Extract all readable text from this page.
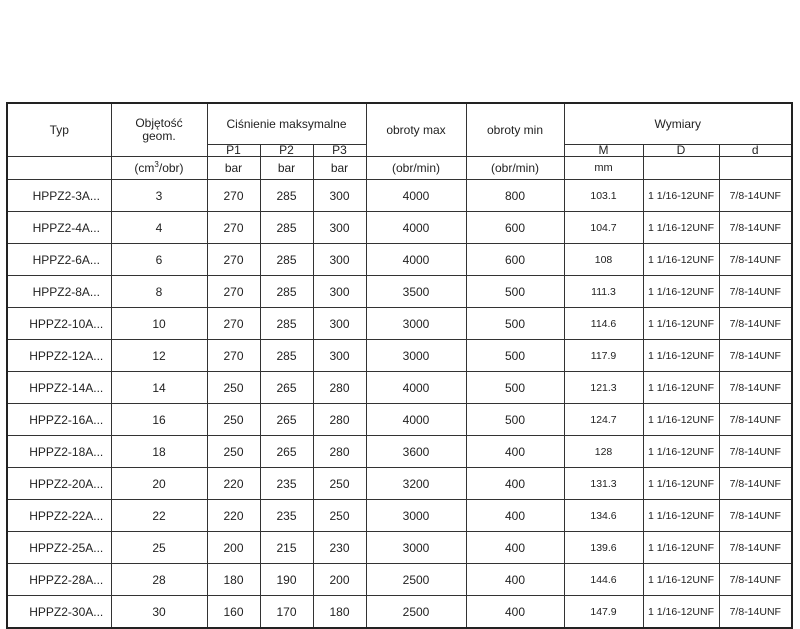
Typ	Objętość geom.	Ciśnienie maksymalne			obroty max	obroty min	Wymiary		
		P1	P2	P3			M	D	d
	$(cm^3/obr)$	bar	bar	bar	(obr/min)	(obr/min)	mm		
HPPZ2-3A...	3	270	285	300	4000	800	103.1	1 1/16-12UNF	7/8-14UNF
HPPZ2-4A...	4	270	285	300	4000	600	104.7	1 1/16-12UNF	7/8-14UNF
HPPZ2-6A...	6	270	285	300	4000	600	108	1 1/16-12UNF	7/8-14UNF
HPPZ2-8A...	8	270	285	300	3500	500	111.3	1 1/16-12UNF	7/8-14UNF
HPPZ2-10A...	10	270	285	300	3000	500	114.6	1 1/16-12UNF	7/8-14UNF
HPPZ2-12A...	12	270	285	300	3000	500	117.9	1 1/16-12UNF	7/8-14UNF
HPPZ2-14A...	14	250	265	280	4000	500	121.3	1 1/16-12UNF	7/8-14UNF
HPPZ2-16A...	16	250	265	280	4000	500	124.7	1 1/16-12UNF	7/8-14UNF
HPPZ2-18A...	18	250	265	280	3600	400	128	1 1/16-12UNF	7/8-14UNF
HPPZ2-20A...	20	220	235	250	3200	400	131.3	1 1/16-12UNF	7/8-14UNF
HPPZ2-22A...	22	220	235	250	3000	400	134.6	1 1/16-12UNF	7/8-14UNF
HPPZ2-25A...	25	200	215	230	3000	400	139.6	1 1/16-12UNF	7/8-14UNF
HPPZ2-28A...	28	180	190	200	2500	400	144.6	1 1/16-12UNF	7/8-14UNF
HPPZ2-30A...	30	160	170	180	2500	400	147.9	1 1/16-12UNF	7/8-14UNF
